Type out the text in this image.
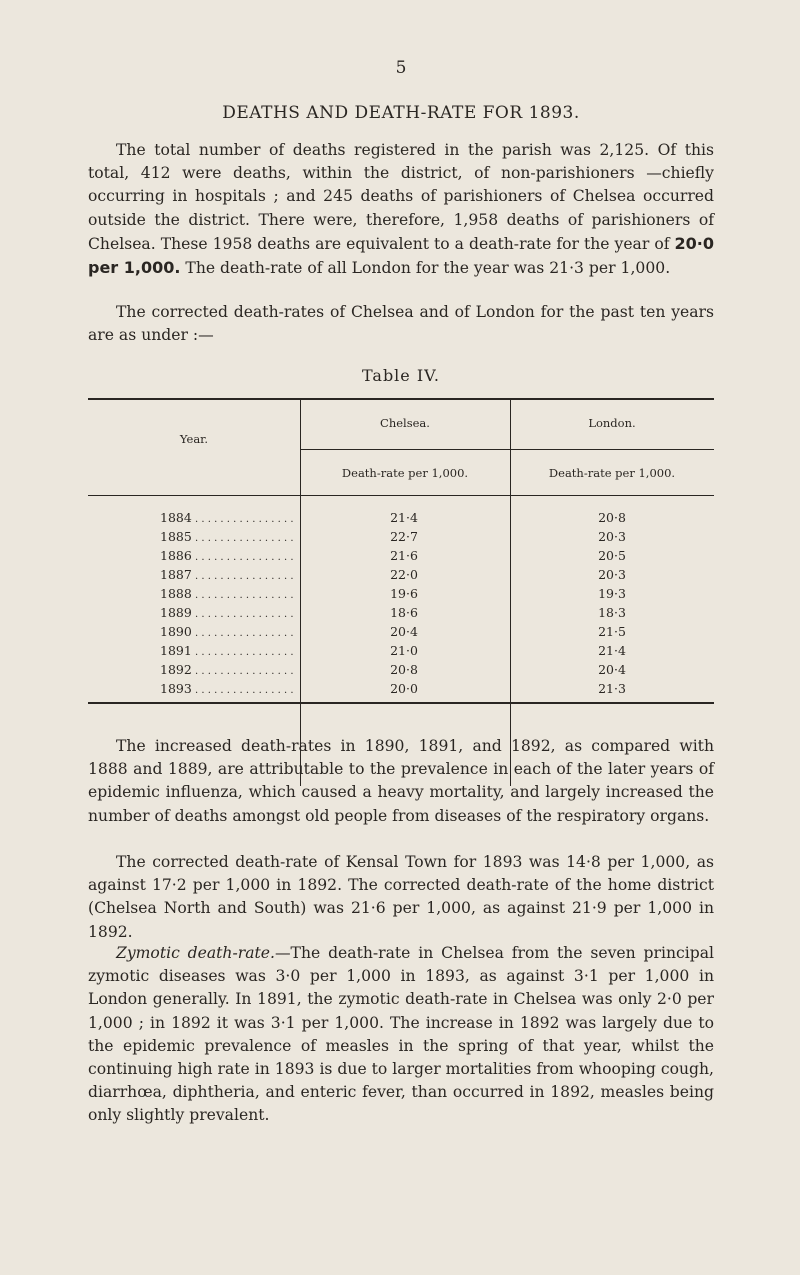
5
DEATHS AND DEATH-RATE FOR 1893.

The total number of deaths registered in the parish was 2,125. Of this total, 412 were deaths, within the district, of non-parishioners —chiefly occurring in hospitals ; and 245 deaths of parishioners of Chelsea occurred outside the district. There were, therefore, 1,958 deaths of parishioners of Chelsea. These 1958 deaths are equivalent to a death-rate for the year of 20·0 per 1,000. The death-rate of all London for the year was 21·3 per 1,000.

The corrected death-rates of Chelsea and of London for the past ten years are as under :—

Table IV.
Year.
Chelsea.	London.
Death-rate per 1,000.	Death-rate per 1,000.
1884 . . .	21·4	20·8
1885 . . .	22·7	20·3
1886 . . .	21·6	20·5
1887 . . .	22·0	20·3
1888 . . .	19·6	19·3
1889 . . .	18·6	18·3
1890 . . .	20·4	21·5
1891 . . .	21·0	21·4
1892 . . .	20·8	20·4
1893 . . .	20·0	21·3

The increased death-rates in 1890, 1891, and 1892, as compared with 1888 and 1889, are attributable to the prevalence in each of the later years of epidemic influenza, which caused a heavy mortality, and largely increased the number of deaths amongst old people from diseases of the respiratory organs.

The corrected death-rate of Kensal Town for 1893 was 14·8 per 1,000, as against 17·2 per 1,000 in 1892. The corrected death-rate of the home district (Chelsea North and South) was 21·6 per 1,000, as against 21·9 per 1,000 in 1892.

Zymotic death-rate.—The death-rate in Chelsea from the seven principal zymotic diseases was 3·0 per 1,000 in 1893, as against 3·1 per 1,000 in London generally. In 1891, the zymotic death-rate in Chelsea was only 2·0 per 1,000 ; in 1892 it was 3·1 per 1,000. The increase in 1892 was largely due to the epidemic prevalence of measles in the spring of that year, whilst the continuing high rate in 1893 is due to larger mortalities from whooping cough, diarrhœa, diphtheria, and enteric fever, than occurred in 1892, measles being only slightly prevalent.
